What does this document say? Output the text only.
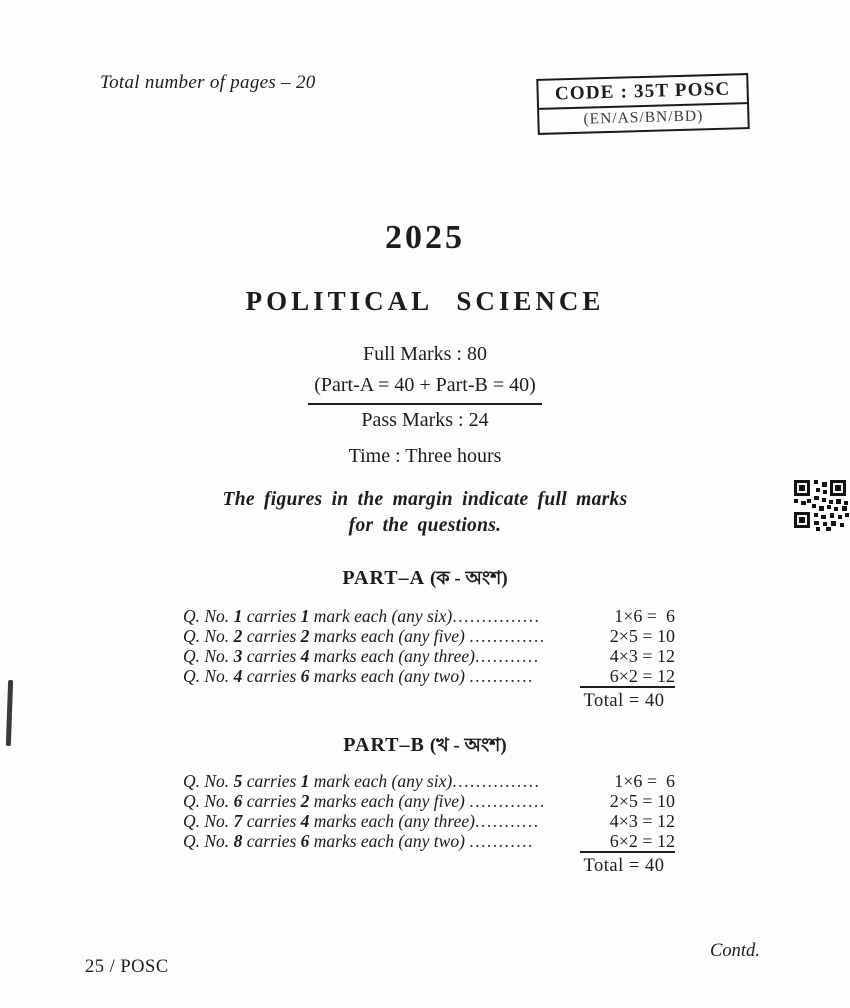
Total number of pages – 20	CODE : 35T POSC
(EN/AS/BN/BD)
2025
POLITICAL SCIENCE
Full Marks : 80
(Part-A = 40 + Part-B = 40)
Pass Marks : 24
Time : Three hours
The figures in the margin indicate full marks
for the questions.
PART–A (ক - অংশ)
Q. No. 1 carries 1 mark each (any six) ...............	1×6 =  6
Q. No. 2 carries 2 marks each (any five) .............	2×5 = 10
Q. No. 3 carries 4 marks each (any three) ...........	4×3 = 12
Q. No. 4 carries 6 marks each (any two) ...........	6×2 = 12
Total = 40
PART–B (খ - অংশ)
Q. No. 5 carries 1 mark each (any six) ...............	1×6 =  6
Q. No. 6 carries 2 marks each (any five) .............	2×5 = 10
Q. No. 7 carries 4 marks each (any three) ...........	4×3 = 12
Q. No. 8 carries 6 marks each (any two) ...........	6×2 = 12
Total = 40
Contd.
25 / POSC
